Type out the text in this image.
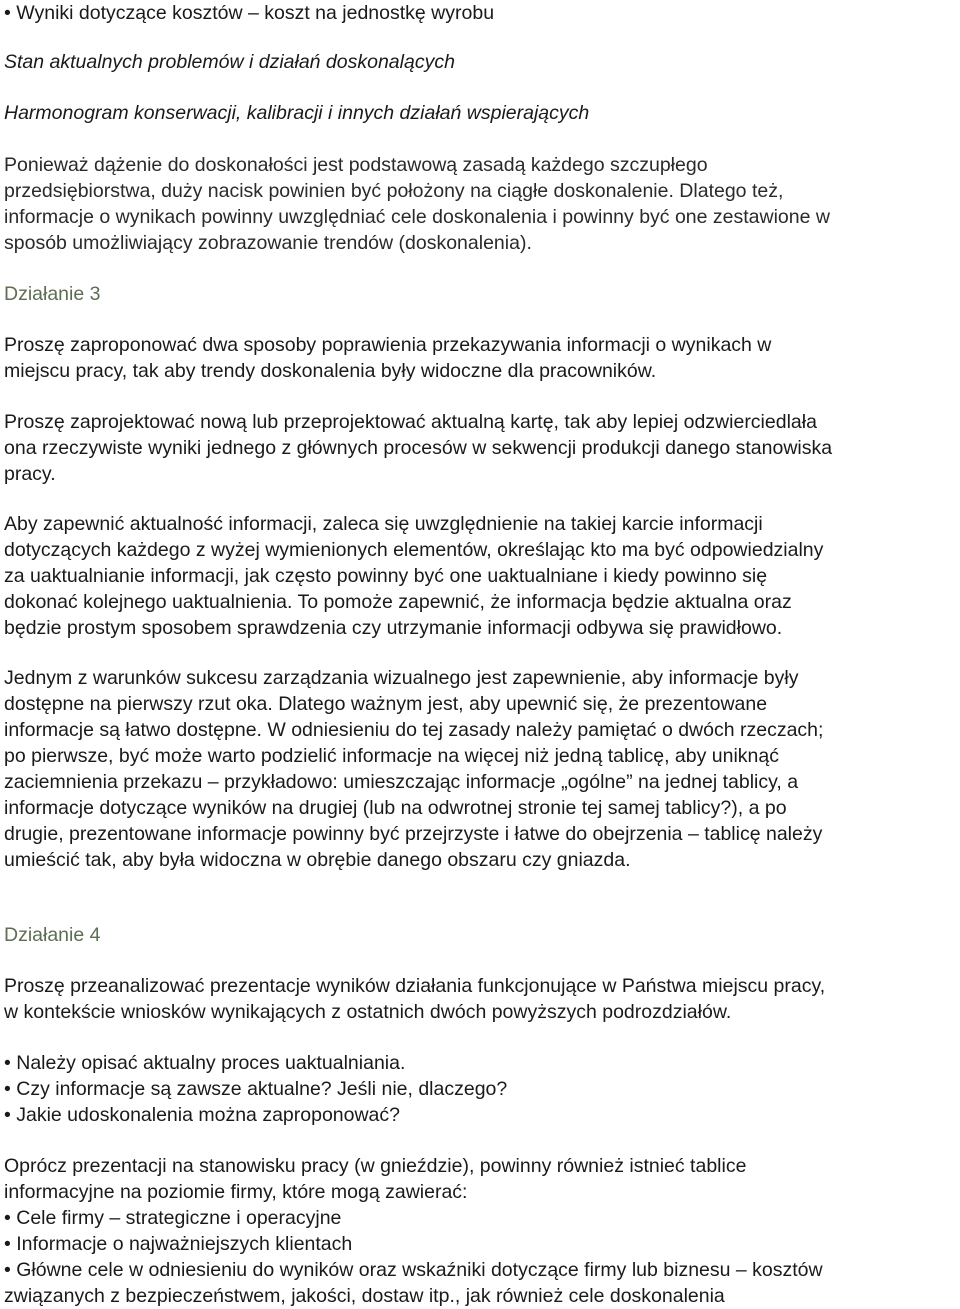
• Wyniki dotyczące kosztów – koszt na jednostkę wyrobu
Stan aktualnych problemów i działań doskonalących
Harmonogram konserwacji, kalibracji i innych działań wspierających
Ponieważ dążenie do doskonałości jest podstawową zasadą każdego szczupłego
przedsiębiorstwa, duży nacisk powinien być położony na ciągłe doskonalenie. Dlatego też,
informacje o wynikach powinny uwzględniać cele doskonalenia i powinny być one zestawione w
sposób umożliwiający zobrazowanie trendów (doskonalenia).
Działanie 3
Proszę zaproponować dwa sposoby poprawienia przekazywania informacji o wynikach w
miejscu pracy, tak aby trendy doskonalenia były widoczne dla pracowników.
Proszę zaprojektować nową lub przeprojektować aktualną kartę, tak aby lepiej odzwierciedlała
ona rzeczywiste wyniki jednego z głównych procesów w sekwencji produkcji danego stanowiska
pracy.
Aby zapewnić aktualność informacji, zaleca się uwzględnienie na takiej karcie informacji
dotyczących każdego z wyżej wymienionych elementów, określając kto ma być odpowiedzialny
za uaktualnianie informacji, jak często powinny być one uaktualniane i kiedy powinno się
dokonać kolejnego uaktualnienia. To pomoże zapewnić, że informacja będzie aktualna oraz
będzie prostym sposobem sprawdzenia czy utrzymanie informacji odbywa się prawidłowo.
Jednym z warunków sukcesu zarządzania wizualnego jest zapewnienie, aby informacje były
dostępne na pierwszy rzut oka. Dlatego ważnym jest, aby upewnić się, że prezentowane
informacje są łatwo dostępne. W odniesieniu do tej zasady należy pamiętać o dwóch rzeczach;
po pierwsze, być może warto podzielić informacje na więcej niż jedną tablicę, aby uniknąć
zaciemnienia przekazu – przykładowo: umieszczając informacje „ogólne” na jednej tablicy, a
informacje dotyczące wyników na drugiej (lub na odwrotnej stronie tej samej tablicy?), a po
drugie, prezentowane informacje powinny być przejrzyste i łatwe do obejrzenia – tablicę należy
umieścić tak, aby była widoczna w obrębie danego obszaru czy gniazda.
Działanie 4
Proszę przeanalizować prezentacje wyników działania funkcjonujące w Państwa miejscu pracy,
w kontekście wniosków wynikających z ostatnich dwóch powyższych podrozdziałów.
• Należy opisać aktualny proces uaktualniania.
• Czy informacje są zawsze aktualne? Jeśli nie, dlaczego?
• Jakie udoskonalenia można zaproponować?
Oprócz prezentacji na stanowisku pracy (w gnieździe), powinny również istnieć tablice
informacyjne na poziomie firmy, które mogą zawierać:
• Cele firmy – strategiczne i operacyjne
• Informacje o najważniejszych klientach
• Główne cele w odniesieniu do wyników oraz wskaźniki dotyczące firmy lub biznesu – kosztów
związanych z bezpieczeństwem, jakości, dostaw itp., jak również cele doskonalenia
